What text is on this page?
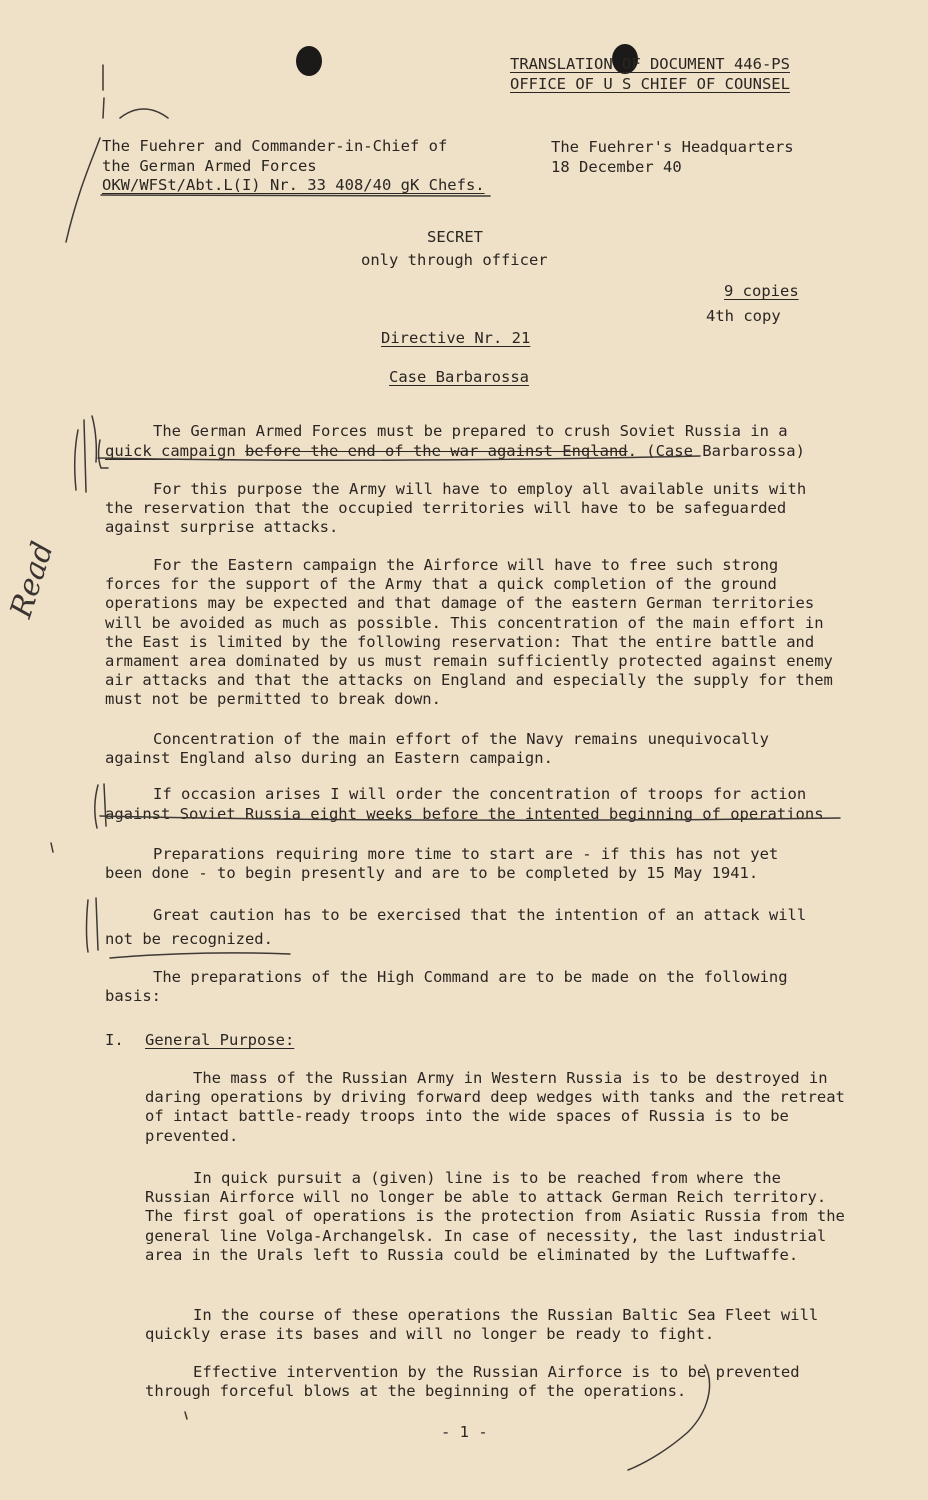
TRANSLATION OF DOCUMENT 446-PS

OFFICE OF U S CHIEF OF COUNSEL

The Fuehrer and Commander-in-Chief of

the German Armed Forces

OKW/WFSt/Abt.L(I) Nr. 33 408/40 gK Chefs.

The Fuehrer's Headquarters

18 December 40

SECRET

only through officer

9 copies

4th copy

Directive Nr. 21

Case Barbarossa

The German Armed Forces must be prepared to crush Soviet Russia in a

quick campaign before the end of the war against England. (Case Barbarossa)

For this purpose the Army will have to employ all available units with the reservation that the occupied territories will have to be safeguarded against surprise attacks.

For the Eastern campaign the Airforce will have to free such strong forces for the support of the Army that a quick completion of the ground operations may be expected and that damage of the eastern German territories will be avoided as much as possible. This concentration of the main effort in the East is limited by the following reservation: That the entire battle and armament area dominated by us must remain sufficiently protected against enemy air attacks and that the attacks on England and especially the supply for them must not be permitted to break down.

Concentration of the main effort of the Navy remains unequivocally against England also during an Eastern campaign.

If occasion arises I will order the concentration of troops for action

against Soviet Russia eight weeks before the intented beginning of operations

Preparations requiring more time to start are - if this has not yet been done - to begin presently and are to be completed by 15 May 1941.

Great caution has to be exercised that the intention of an attack will

not be recognized.

The preparations of the High Command are to be made on the following basis:

I. General Purpose:

The mass of the Russian Army in Western Russia is to be destroyed in daring operations by driving forward deep wedges with tanks and the retreat of intact battle-ready troops into the wide spaces of Russia is to be prevented.

In quick pursuit a (given) line is to be reached from where the Russian Airforce will no longer be able to attack German Reich territory. The first goal of operations is the protection from Asiatic Russia from the general line Volga-Archangelsk. In case of necessity, the last industrial area in the Urals left to Russia could be eliminated by the Luftwaffe.

In the course of these operations the Russian Baltic Sea Fleet will quickly erase its bases and will no longer be ready to fight.

Effective intervention by the Russian Airforce is to be prevented through forceful blows at the beginning of the operations.

- 1 -

Read
